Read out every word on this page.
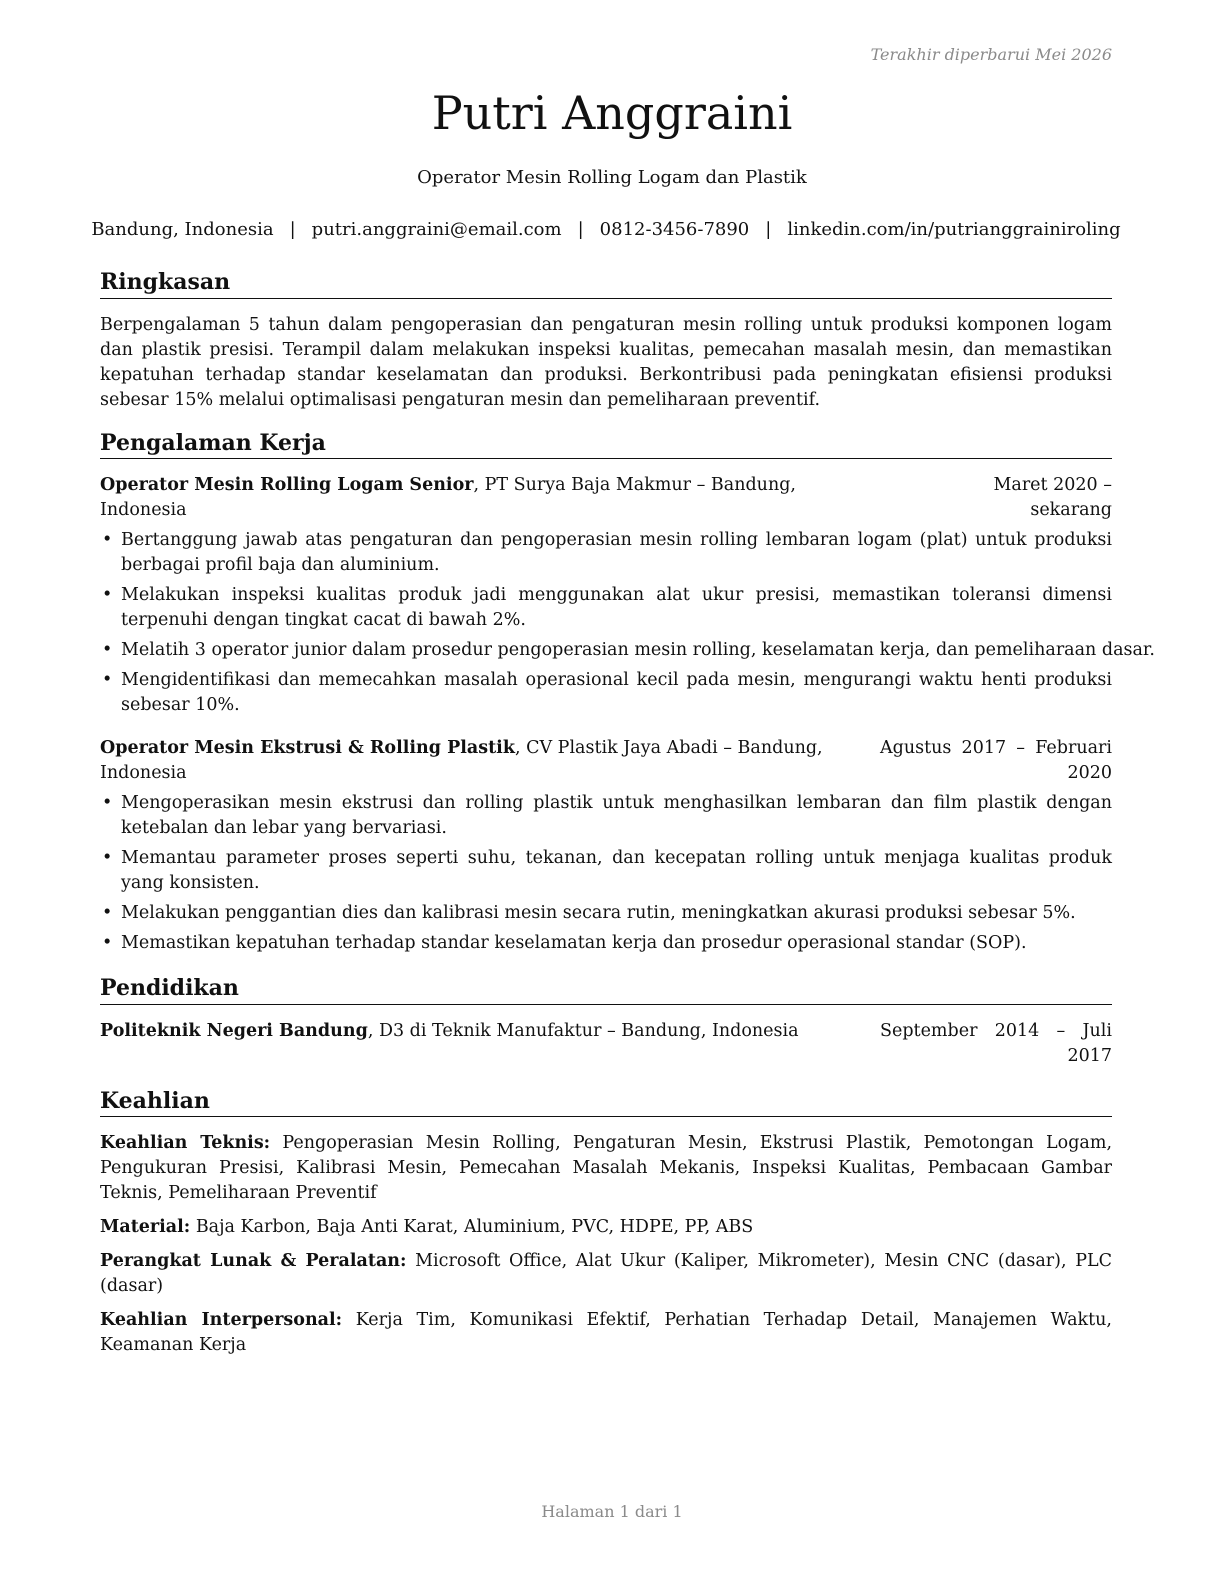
Terakhir diperbarui Mei 2026
Putri Anggraini
Operator Mesin Rolling Logam dan Plastik
Bandung, Indonesia | putri.anggraini@email.com | 0812-3456-7890 | linkedin.com/in/putrianggrainiroling
Ringkasan
Berpengalaman 5 tahun dalam pengoperasian dan pengaturan mesin rolling untuk produksi komponen logam dan plastik presisi. Terampil dalam melakukan inspeksi kualitas, pemecahan masalah mesin, dan memastikan kepatuhan terhadap standar keselamatan dan produksi. Berkontribusi pada peningkatan efisiensi produksi sebesar 15% melalui optimalisasi pengaturan mesin dan pemeliharaan preventif.
Pengalaman Kerja
Operator Mesin Rolling Logam Senior, PT Surya Baja Makmur – Bandung, Indonesia
Maret 2020 – sekarang
• Bertanggung jawab atas pengaturan dan pengoperasian mesin rolling lembaran logam (plat) untuk produksi berbagai profil baja dan aluminium.
• Melakukan inspeksi kualitas produk jadi menggunakan alat ukur presisi, memastikan toleransi dimensi terpenuhi dengan tingkat cacat di bawah 2%.
• Melatih 3 operator junior dalam prosedur pengoperasian mesin rolling, keselamatan kerja, dan pemeliharaan dasar.
• Mengidentifikasi dan memecahkan masalah operasional kecil pada mesin, mengurangi waktu henti produksi sebesar 10%.
Operator Mesin Ekstrusi & Rolling Plastik, CV Plastik Jaya Abadi – Bandung, Indonesia
Agustus 2017 – Februari 2020
• Mengoperasikan mesin ekstrusi dan rolling plastik untuk menghasilkan lembaran dan film plastik dengan ketebalan dan lebar yang bervariasi.
• Memantau parameter proses seperti suhu, tekanan, dan kecepatan rolling untuk menjaga kualitas produk yang konsisten.
• Melakukan penggantian dies dan kalibrasi mesin secara rutin, meningkatkan akurasi produksi sebesar 5%.
• Memastikan kepatuhan terhadap standar keselamatan kerja dan prosedur operasional standar (SOP).
Pendidikan
Politeknik Negeri Bandung, D3 di Teknik Manufaktur – Bandung, Indonesia	September 2014 – Juli 2017
Keahlian
Keahlian Teknis: Pengoperasian Mesin Rolling, Pengaturan Mesin, Ekstrusi Plastik, Pemotongan Logam, Pengukuran Presisi, Kalibrasi Mesin, Pemecahan Masalah Mekanis, Inspeksi Kualitas, Pembacaan Gambar Teknis, Pemeliharaan Preventif
Material: Baja Karbon, Baja Anti Karat, Aluminium, PVC, HDPE, PP, ABS
Perangkat Lunak & Peralatan: Microsoft Office, Alat Ukur (Kaliper, Mikrometer), Mesin CNC (dasar), PLC (dasar)
Keahlian Interpersonal: Kerja Tim, Komunikasi Efektif, Perhatian Terhadap Detail, Manajemen Waktu, Keamanan Kerja
Halaman 1 dari 1
